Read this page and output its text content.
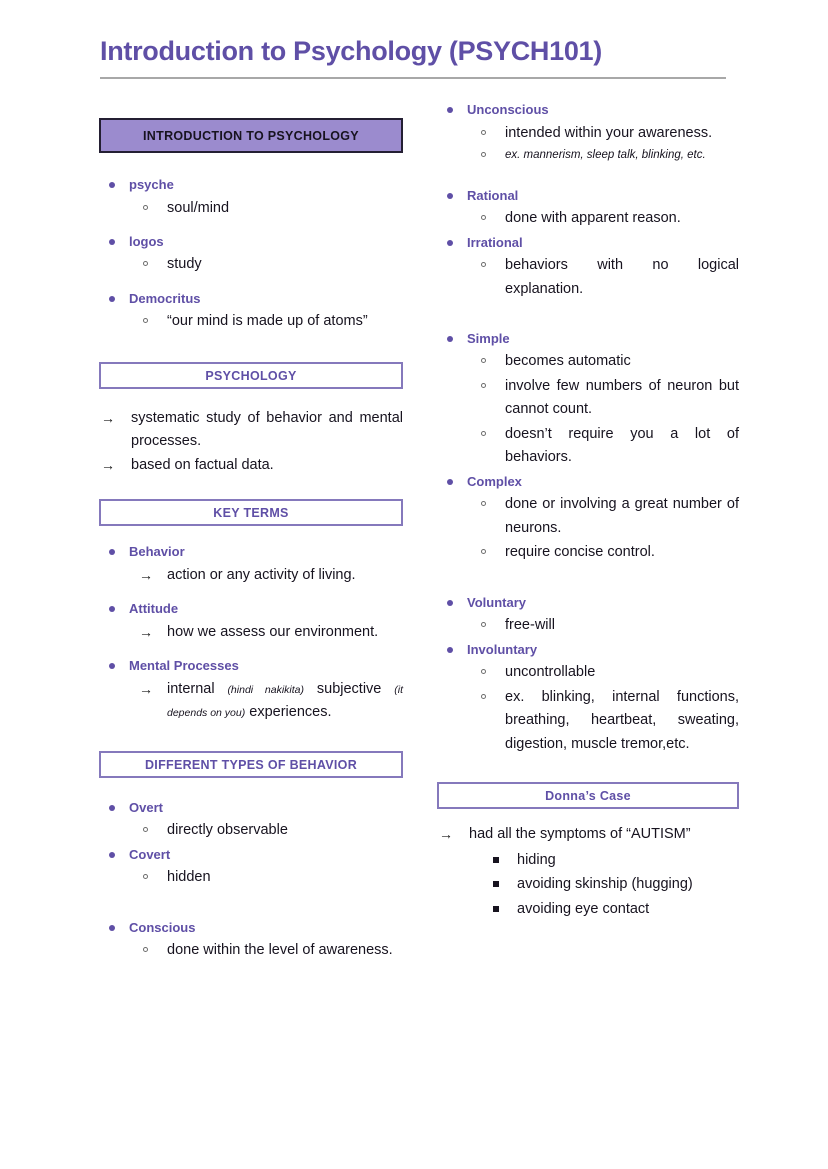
Introduction to Psychology (PSYCH101)
INTRODUCTION TO PSYCHOLOGY
psyche
soul/mind
logos
study
Democritus
“our mind is made up of atoms”
PSYCHOLOGY
→ systematic study of behavior and mental processes.
→ based on factual data.
KEY TERMS
Behavior
→ action or any activity of living.
Attitude
→ how we assess our environment.
Mental Processes
→ internal (hindi nakikita) subjective (it depends on you) experiences.
DIFFERENT TYPES OF BEHAVIOR
Overt
directly observable
Covert
hidden
Conscious
done within the level of awareness.
Unconscious
intended within your awareness.
ex. mannerism, sleep talk, blinking, etc.
Rational
done with apparent reason.
Irrational
behaviors with no logical explanation.
Simple
becomes automatic
involve few numbers of neuron but cannot count.
doesn’t require you a lot of behaviors.
Complex
done or involving a great number of neurons.
require concise control.
Voluntary
free-will
Involuntary
uncontrollable
ex. blinking, internal functions, breathing, heartbeat, sweating, digestion, muscle tremor,etc.
Donna’s Case
→ had all the symptoms of “AUTISM”
hiding
avoiding skinship (hugging)
avoiding eye contact
